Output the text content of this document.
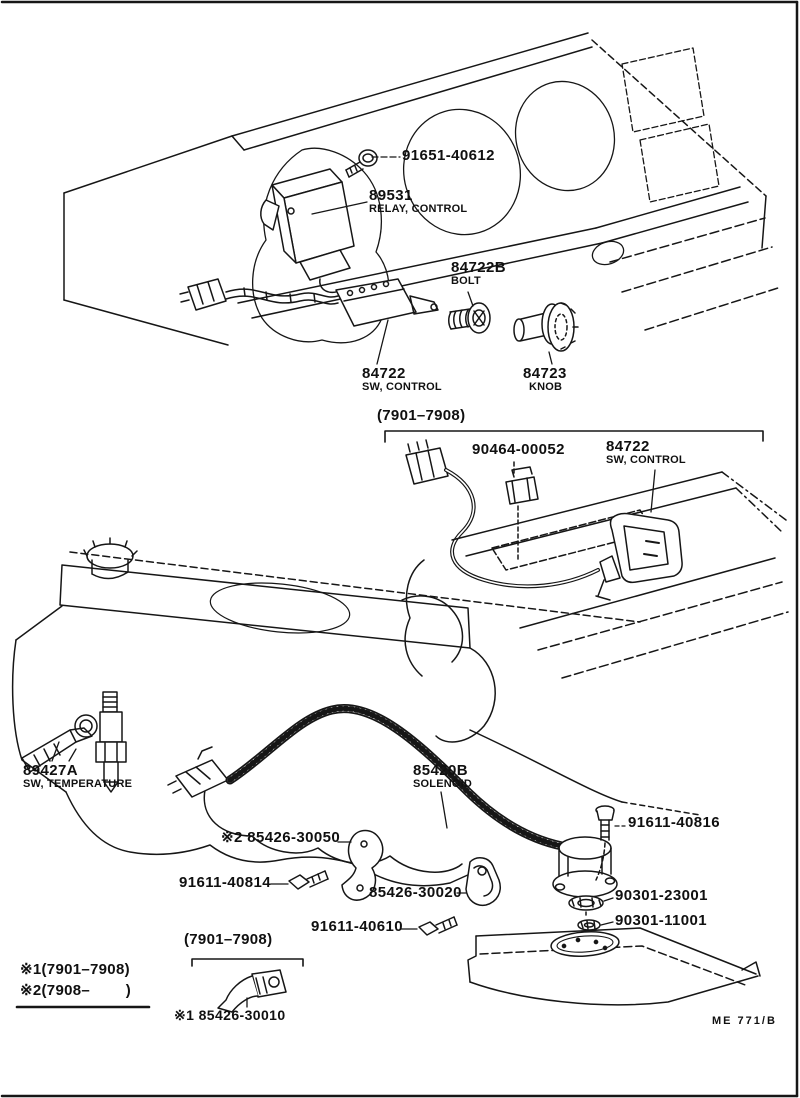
91651-40612
89531
RELAY, CONTROL
84722B
BOLT
84722
SW, CONTROL
84723
KNOB
(7901–7908)
90464-00052	84722
SW, CONTROL
89427A
SW, TEMPERATURE
85420B
SOLENOID
91611-40816
※2 85426-30050
91611-40814
85426-30020
91611-40610
90301-23001
90301-11001
(7901–7908)
※1 85426-30010
※1(7901–7908)
※2(7908–        )
ME 771/B
